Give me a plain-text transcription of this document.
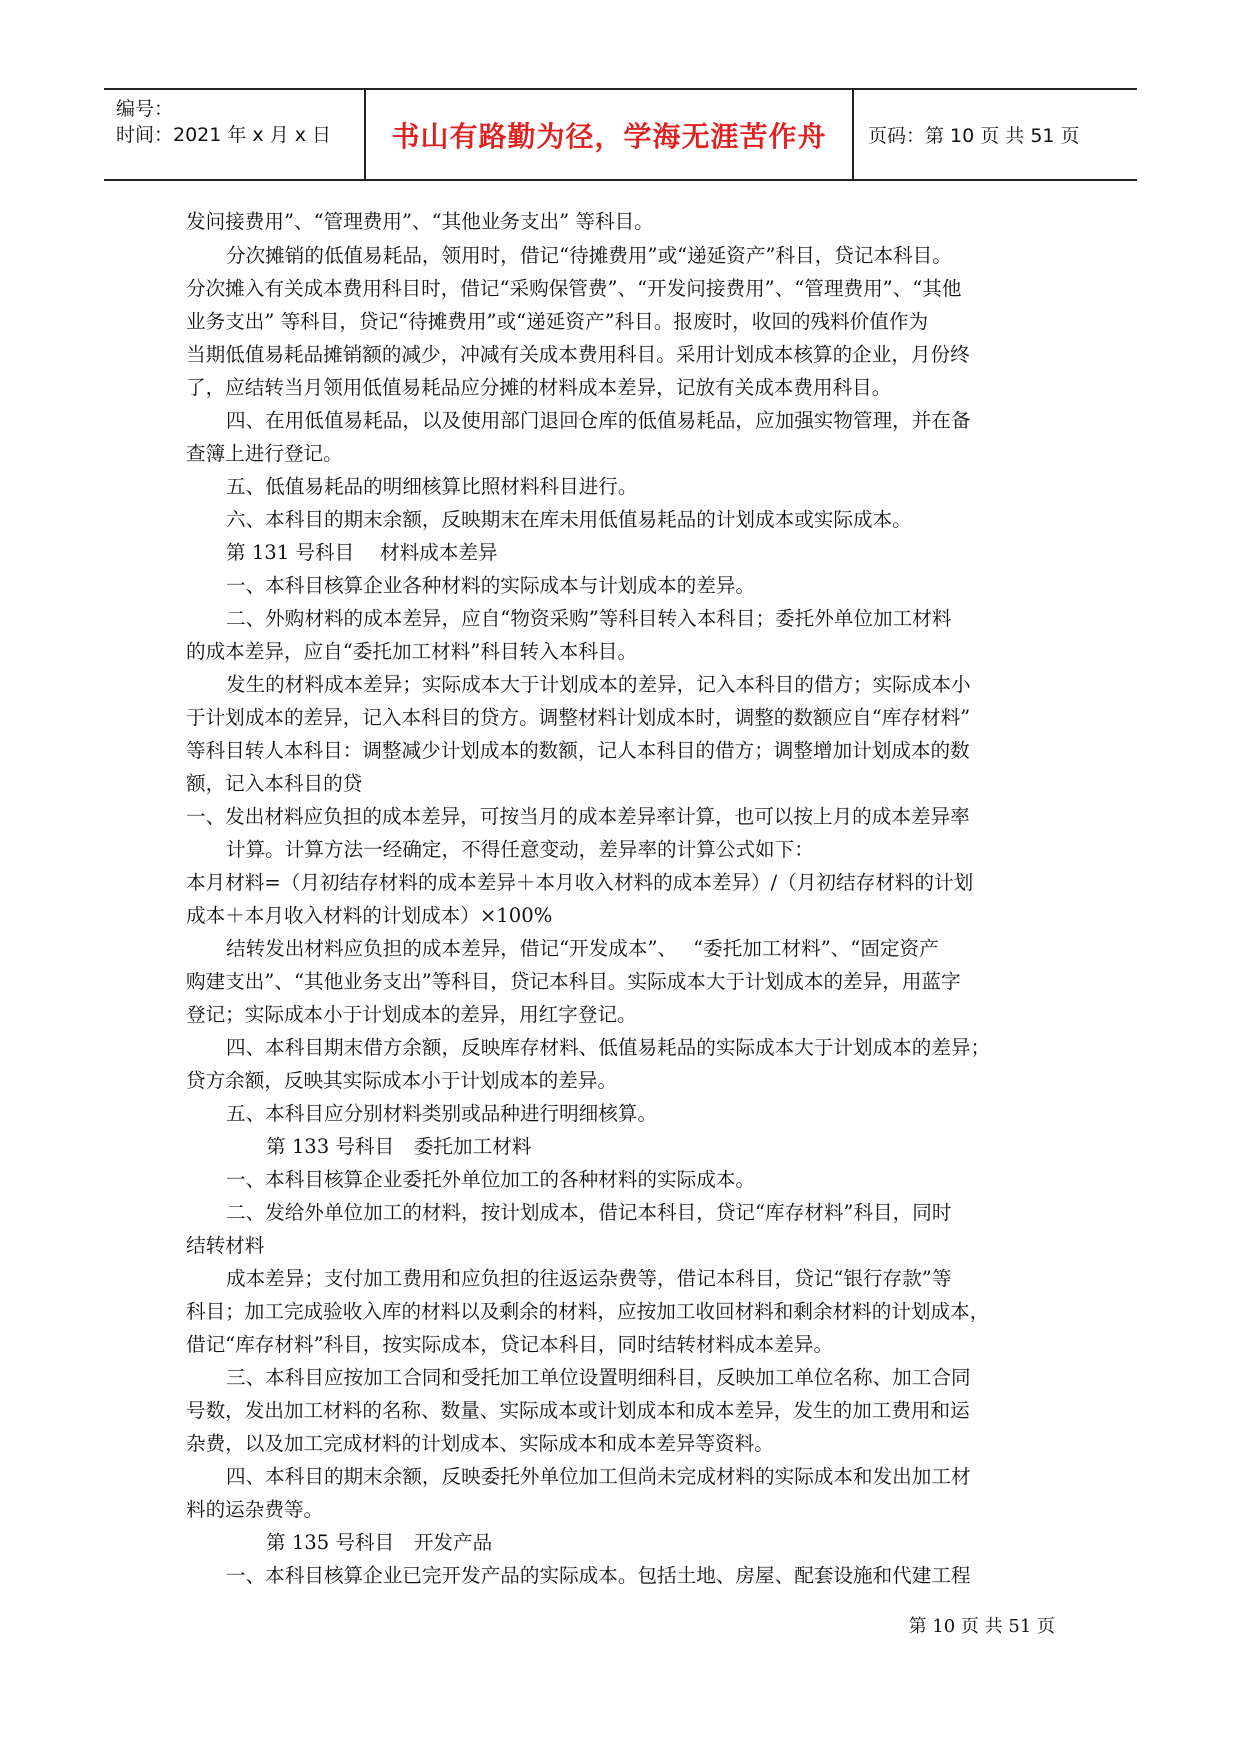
编号：
时间：2021 年 x 月 x 日 书山有路勤为径，学海无涯苦作舟 页码：第 10 页 共 51 页
发问接费用”、“管理费用”、“其他业务支出” 等科目。
分次摊销的低值易耗品，领用时，借记“待摊费用”或“递延资产”科目，贷记本科目。
分次摊入有关成本费用科目时，借记“采购保管费”、“开发问接费用”、“管理费用”、“其他
业务支出” 等科目，贷记“待摊费用”或“递延资产”科目。报废时，收回的残料价值作为
当期低值易耗品摊销额的减少，冲减有关成本费用科目。采用计划成本核算的企业，月份终
了，应结转当月领用低值易耗品应分摊的材料成本差异，记放有关成本费用科目。
四、在用低值易耗品，以及使用部门退回仓库的低值易耗品，应加强实物管理，并在备
查簿上进行登记。
五、低值易耗品的明细核算比照材料科目进行。
六、本科目的期末余额，反映期末在库未用低值易耗品的计划成本或实际成本。
第 131 号科目　 材料成本差异
一、本科目核算企业各种材料的实际成本与计划成本的差异。
二、外购材料的成本差异，应自“物资采购”等科目转入本科目；委托外单位加工材料
的成本差异，应自“委托加工材料”科目转入本科目。
发生的材料成本差异；实际成本大于计划成本的差异，记入本科目的借方；实际成本小
于计划成本的差异，记入本科目的贷方。调整材料计划成本时，调整的数额应自“库存材料”
等科目转人本科目：调整减少计划成本的数额，记人本科目的借方；调整增加计划成本的数
额，记入本科目的贷
一、发出材料应负担的成本差异，可按当月的成本差异率计算，也可以按上月的成本差异率
计算。计算方法一经确定，不得任意变动，差异率的计算公式如下：
本月材料=（月初结存材料的成本差异＋本月收入材料的成本差异）/（月初结存材料的计划
成本＋本月收入材料的计划成本）×100%
结转发出材料应负担的成本差异，借记“开发成本”、　 “委托加工材料”、“固定资产
购建支出”、“其他业务支出”等科目，贷记本科目。实际成本大于计划成本的差异，用蓝字
登记；实际成本小于计划成本的差异，用红字登记。
四、本科目期末借方余额，反映库存材料、低值易耗品的实际成本大于计划成本的差异；
贷方余额，反映其实际成本小于计划成本的差异。
五、本科目应分别材料类别或品种进行明细核算。
第 133 号科目　委托加工材料
一、本科目核算企业委托外单位加工的各种材料的实际成本。
二、发给外单位加工的材料，按计划成本，借记本科目，贷记“库存材料”科目，同时
结转材料
成本差异；支付加工费用和应负担的往返运杂费等，借记本科目，贷记“银行存款”等
科目；加工完成验收入库的材料以及剩余的材料，应按加工收回材料和剩余材料的计划成本，
借记“库存材料”科目，按实际成本，贷记本科目，同时结转材料成本差异。
三、本科目应按加工合同和受托加工单位设置明细科目，反映加工单位名称、加工合同
号数，发出加工材料的名称、数量、实际成本或计划成本和成本差异，发生的加工费用和运
杂费，以及加工完成材料的计划成本、实际成本和成本差异等资料。
四、本科目的期末余额，反映委托外单位加工但尚未完成材料的实际成本和发出加工材
料的运杂费等。
第 135 号科目　开发产品
一、本科目核算企业已完开发产品的实际成本。包括土地、房屋、配套设施和代建工程
第 10 页 共 51 页
